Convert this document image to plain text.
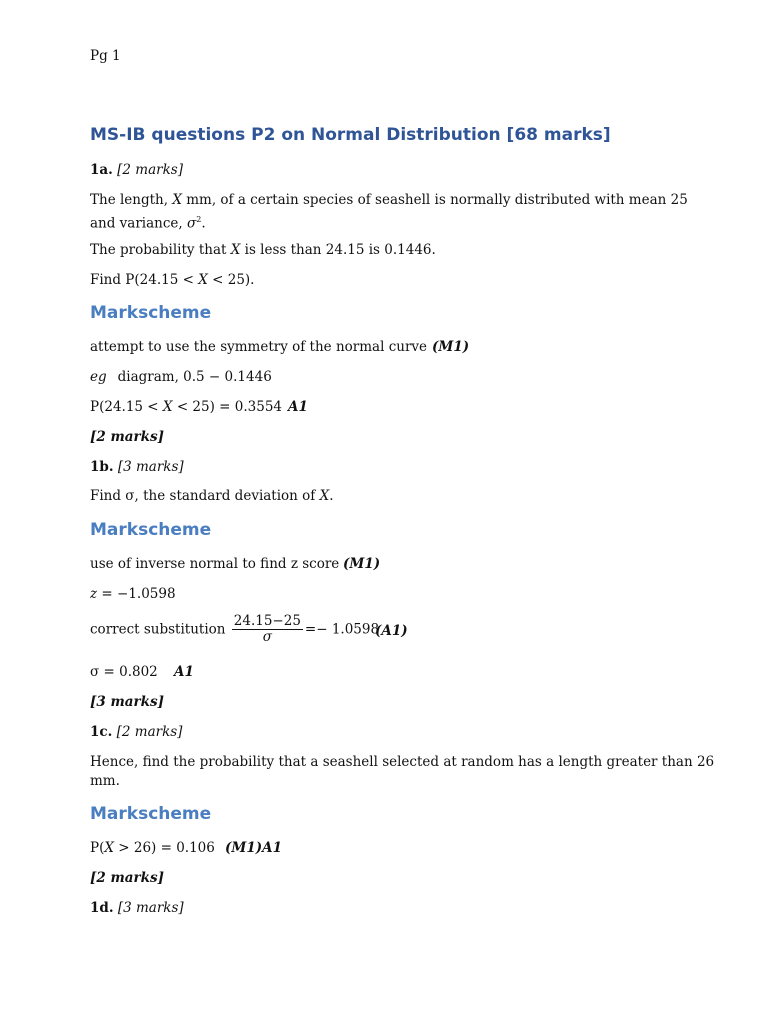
Pg 1
MS-IB questions P2 on Normal Distribution [68 marks]
1a. [2 marks]
The length, X mm, of a certain species of seashell is normally distributed with mean 25
and variance, $\sigma^2$.
The probability that X is less than 24.15 is 0.1446.
Find P(24.15 < X < 25).
Markscheme
attempt to use the symmetry of the normal curve (M1)
eg diagram, 0.5 − 0.1446
P(24.15 < X < 25) = 0.3554 A1
[2 marks]
1b. [3 marks]
Find σ, the standard deviation of X.
Markscheme
use of inverse normal to find z score (M1)
z = −1.0598
correct substitution $\frac{24.15-25}{\sigma} =- 1.0598$
(A1)
σ = 0.802 A1
[3 marks]
1c. [2 marks]
Hence, find the probability that a seashell selected at random has a length greater than 26
mm.
Markscheme
P(X > 26) = 0.106 (M1)A1
[2 marks]
1d. [3 marks]
